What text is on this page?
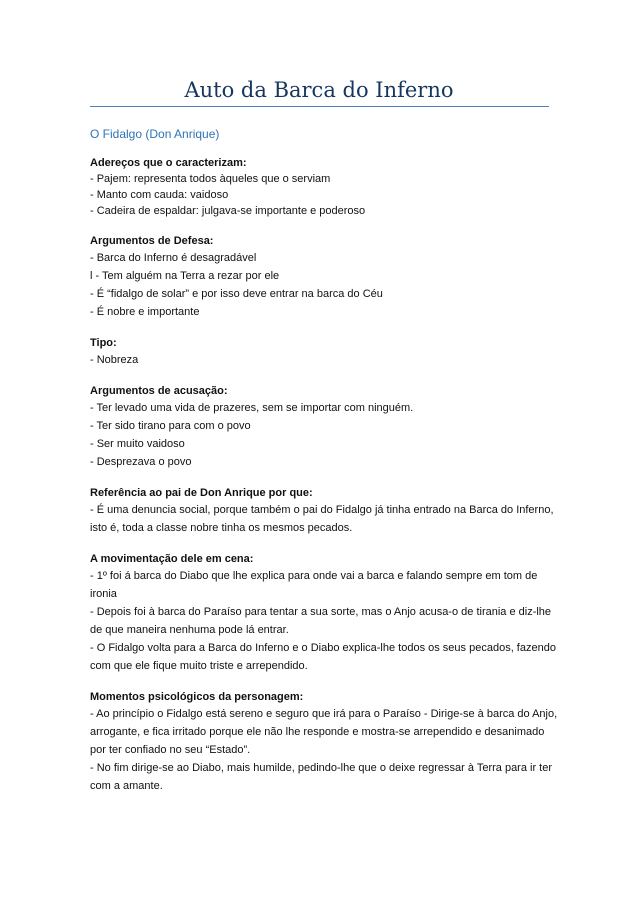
Auto da Barca do Inferno
O Fidalgo (Don Anrique)
Adereços que o caracterizam:
- Pajem: representa todos àqueles que o serviam
- Manto com cauda: vaidoso
- Cadeira de espaldar: julgava-se importante e poderoso
Argumentos de Defesa:
- Barca do Inferno é desagradável
l - Tem alguém na Terra a rezar por ele
- É “fidalgo de solar” e por isso deve entrar na barca do Céu
- É nobre e importante
Tipo:
- Nobreza
Argumentos de acusação:
- Ter levado uma vida de prazeres, sem se importar com ninguém.
- Ter sido tirano para com o povo
- Ser muito vaidoso
- Desprezava o povo
Referência ao pai de Don Anrique por que:
- É uma denuncia social, porque também o pai do Fidalgo já tinha entrado na Barca do Inferno, isto é, toda a classe nobre tinha os mesmos pecados.
A movimentação dele em cena:
- 1º foi á barca do Diabo que lhe explica para onde vai a barca e falando sempre em tom de ironia
- Depois foi à barca do Paraíso para tentar a sua sorte, mas o Anjo acusa-o de tirania e diz-lhe de que maneira nenhuma pode lá entrar.
- O Fidalgo volta para a Barca do Inferno e o Diabo explica-lhe todos os seus pecados, fazendo com que ele fique muito triste e arrependido.
Momentos psicológicos da personagem:
- Ao princípio o Fidalgo está sereno e seguro que irá para o Paraíso - Dirige-se à barca do Anjo, arrogante, e fica irritado porque ele não lhe responde e mostra-se arrependido e desanimado por ter confiado no seu “Estado”.
- No fim dirige-se ao Diabo, mais humilde, pedindo-lhe que o deixe regressar à Terra para ir ter com a amante.
